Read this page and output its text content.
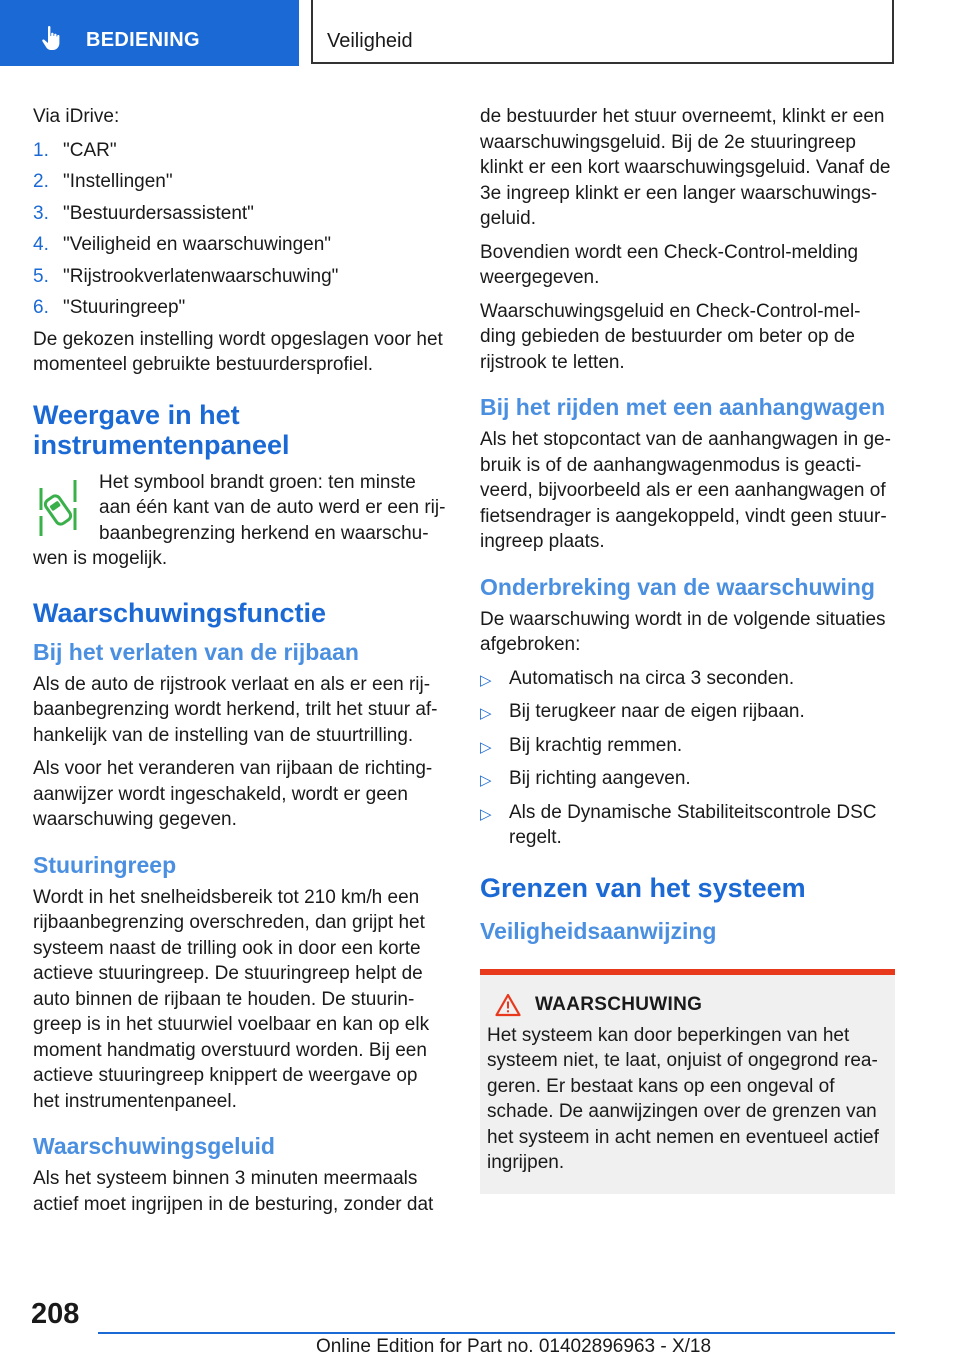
BEDIENING	Veiligheid

Via iDrive:

1. "CAR"
2. "Instellingen"
3. "Bestuurdersassistent"
4. "Veiligheid en waarschuwingen"
5. "Rijstrookverlatenwaarschuwing"
6. "Stuuringreep"

De gekozen instelling wordt opgeslagen voor het momenteel gebruikte bestuurdersprofiel.

Weergave in het instrumentenpaneel

Het symbool brandt groen: ten minste aan één kant van de auto werd er een rij-baanbegrenzing herkend en waarschu-

wen is mogelijk.

Waarschuwingsfunctie
Bij het verlaten van de rijbaan

Als de auto de rijstrook verlaat en als er een rij-baanbegrenzing wordt herkend, trilt het stuur af-hankelijk van de instelling van de stuurtrilling.

Als voor het veranderen van rijbaan de richting-aanwijzer wordt ingeschakeld, wordt er geen waarschuwing gegeven.

Stuuringreep

Wordt in het snelheidsbereik tot 210 km/h een rijbaanbegrenzing overschreden, dan grijpt het systeem naast de trilling ook in door een korte actieve stuuringreep. De stuuringreep helpt de auto binnen de rijbaan te houden. De stuurin-greep is in het stuurwiel voelbaar en kan op elk moment handmatig overstuurd worden. Bij een actieve stuuringreep knippert de weergave op het instrumentenpaneel.

Waarschuwingsgeluid

Als het systeem binnen 3 minuten meermaals actief moet ingrijpen in de besturing, zonder dat

de bestuurder het stuur overneemt, klinkt er een waarschuwingsgeluid. Bij de 2e stuuringreep klinkt er een kort waarschuwingsgeluid. Vanaf de 3e ingreep klinkt er een langer waarschuwings-geluid.

Bovendien wordt een Check-Control-melding weergegeven.

Waarschuwingsgeluid en Check-Control-mel-ding gebieden de bestuurder om beter op de rijstrook te letten.

Bij het rijden met een aanhangwagen

Als het stopcontact van de aanhangwagen in ge-bruik is of de aanhangwagenmodus is geacti-veerd, bijvoorbeeld als er een aanhangwagen of fietsendrager is aangekoppeld, vindt geen stuur-ingreep plaats.

Onderbreking van de waarschuwing

De waarschuwing wordt in de volgende situaties afgebroken:

▷ Automatisch na circa 3 seconden.
▷ Bij terugkeer naar de eigen rijbaan.
▷ Bij krachtig remmen.
▷ Bij richting aangeven.
▷ Als de Dynamische Stabiliteitscontrole DSC regelt.
Grenzen van het systeem
Veiligheidsaanwijzing
WAARSCHUWING

Het systeem kan door beperkingen van het systeem niet, te laat, onjuist of ongegrond rea-geren. Er bestaat kans op een ongeval of schade. De aanwijzingen over de grenzen van het systeem in acht nemen en eventueel actief ingrijpen.

208
Online Edition for Part no. 01402896963 - X/18
